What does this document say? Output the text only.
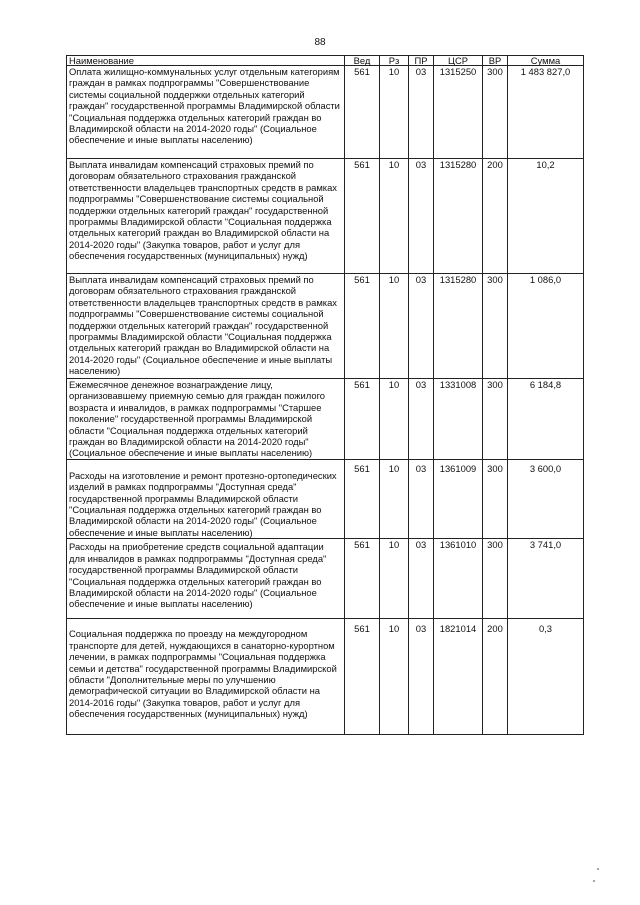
88
Наименование	Вед	Рз	ПР	ЦСР	ВР	Сумма

Оплата жилищно-коммунальных услуг отдельным категориям граждан в рамках подпрограммы "Совершенствование системы социальной поддержки отдельных категорий граждан" государственной программы Владимирской области "Социальная поддержка отдельных категорий граждан во Владимирской области на 2014-2020 годы" (Социальное обеспечение и иные выплаты населению)	561	10	03	1315250	300	1 483 827,0

Выплата инвалидам компенсаций страховых премий по договорам обязательного страхования гражданской ответственности владельцев транспортных средств в рамках подпрограммы "Совершенствование системы социальной поддержки отдельных категорий граждан" государственной программы Владимирской области "Социальная поддержка отдельных категорий граждан во Владимирской области на 2014-2020 годы" (Закупка товаров, работ и услуг для обеспечения государственных (муниципальных) нужд)	561	10	03	1315280	200	10,2

Выплата инвалидам компенсаций страховых премий по договорам обязательного страхования гражданской ответственности владельцев транспортных средств в рамках подпрограммы "Совершенствование системы социальной поддержки отдельных категорий граждан" государственной программы Владимирской области "Социальная поддержка отдельных категорий граждан во Владимирской области на 2014-2020 годы" (Социальное обеспечение и иные выплаты населению)	561	10	03	1315280	300	1 086,0

Ежемесячное денежное вознаграждение лицу, организовавшему приемную семью для граждан пожилого возраста и инвалидов, в рамках подпрограммы "Старшее поколение" государственной программы Владимирской области "Социальная поддержка отдельных категорий граждан во Владимирской области на 2014-2020 годы" (Социальное обеспечение и иные выплаты населению)	561	10	03	1331008	300	6 184,8

Расходы на изготовление и ремонт протезно-ортопедических изделий в рамках подпрограммы "Доступная среда" государственной программы Владимирской области "Социальная поддержка отдельных категорий граждан во Владимирской области на 2014-2020 годы" (Социальное обеспечение и иные выплаты населению)	561	10	03	1361009	300	3 600,0

Расходы на приобретение средств социальной адаптации для инвалидов в рамках подпрограммы "Доступная среда" государственной программы Владимирской области "Социальная поддержка отдельных категорий граждан во Владимирской области на 2014-2020 годы" (Социальное обеспечение и иные выплаты населению)	561	10	03	1361010	300	3 741,0

Социальная поддержка по проезду на междугородном транспорте для детей, нуждающихся в санаторно-курортном лечении, в рамках подпрограммы "Социальная поддержка семьи и детства" государственной программы Владимирской области "Дополнительные меры по улучшению демографической ситуации во Владимирской области на 2014-2016 годы" (Закупка товаров, работ и услуг для обеспечения государственных (муниципальных) нужд)	561	10	03	1821014	200	0,3
